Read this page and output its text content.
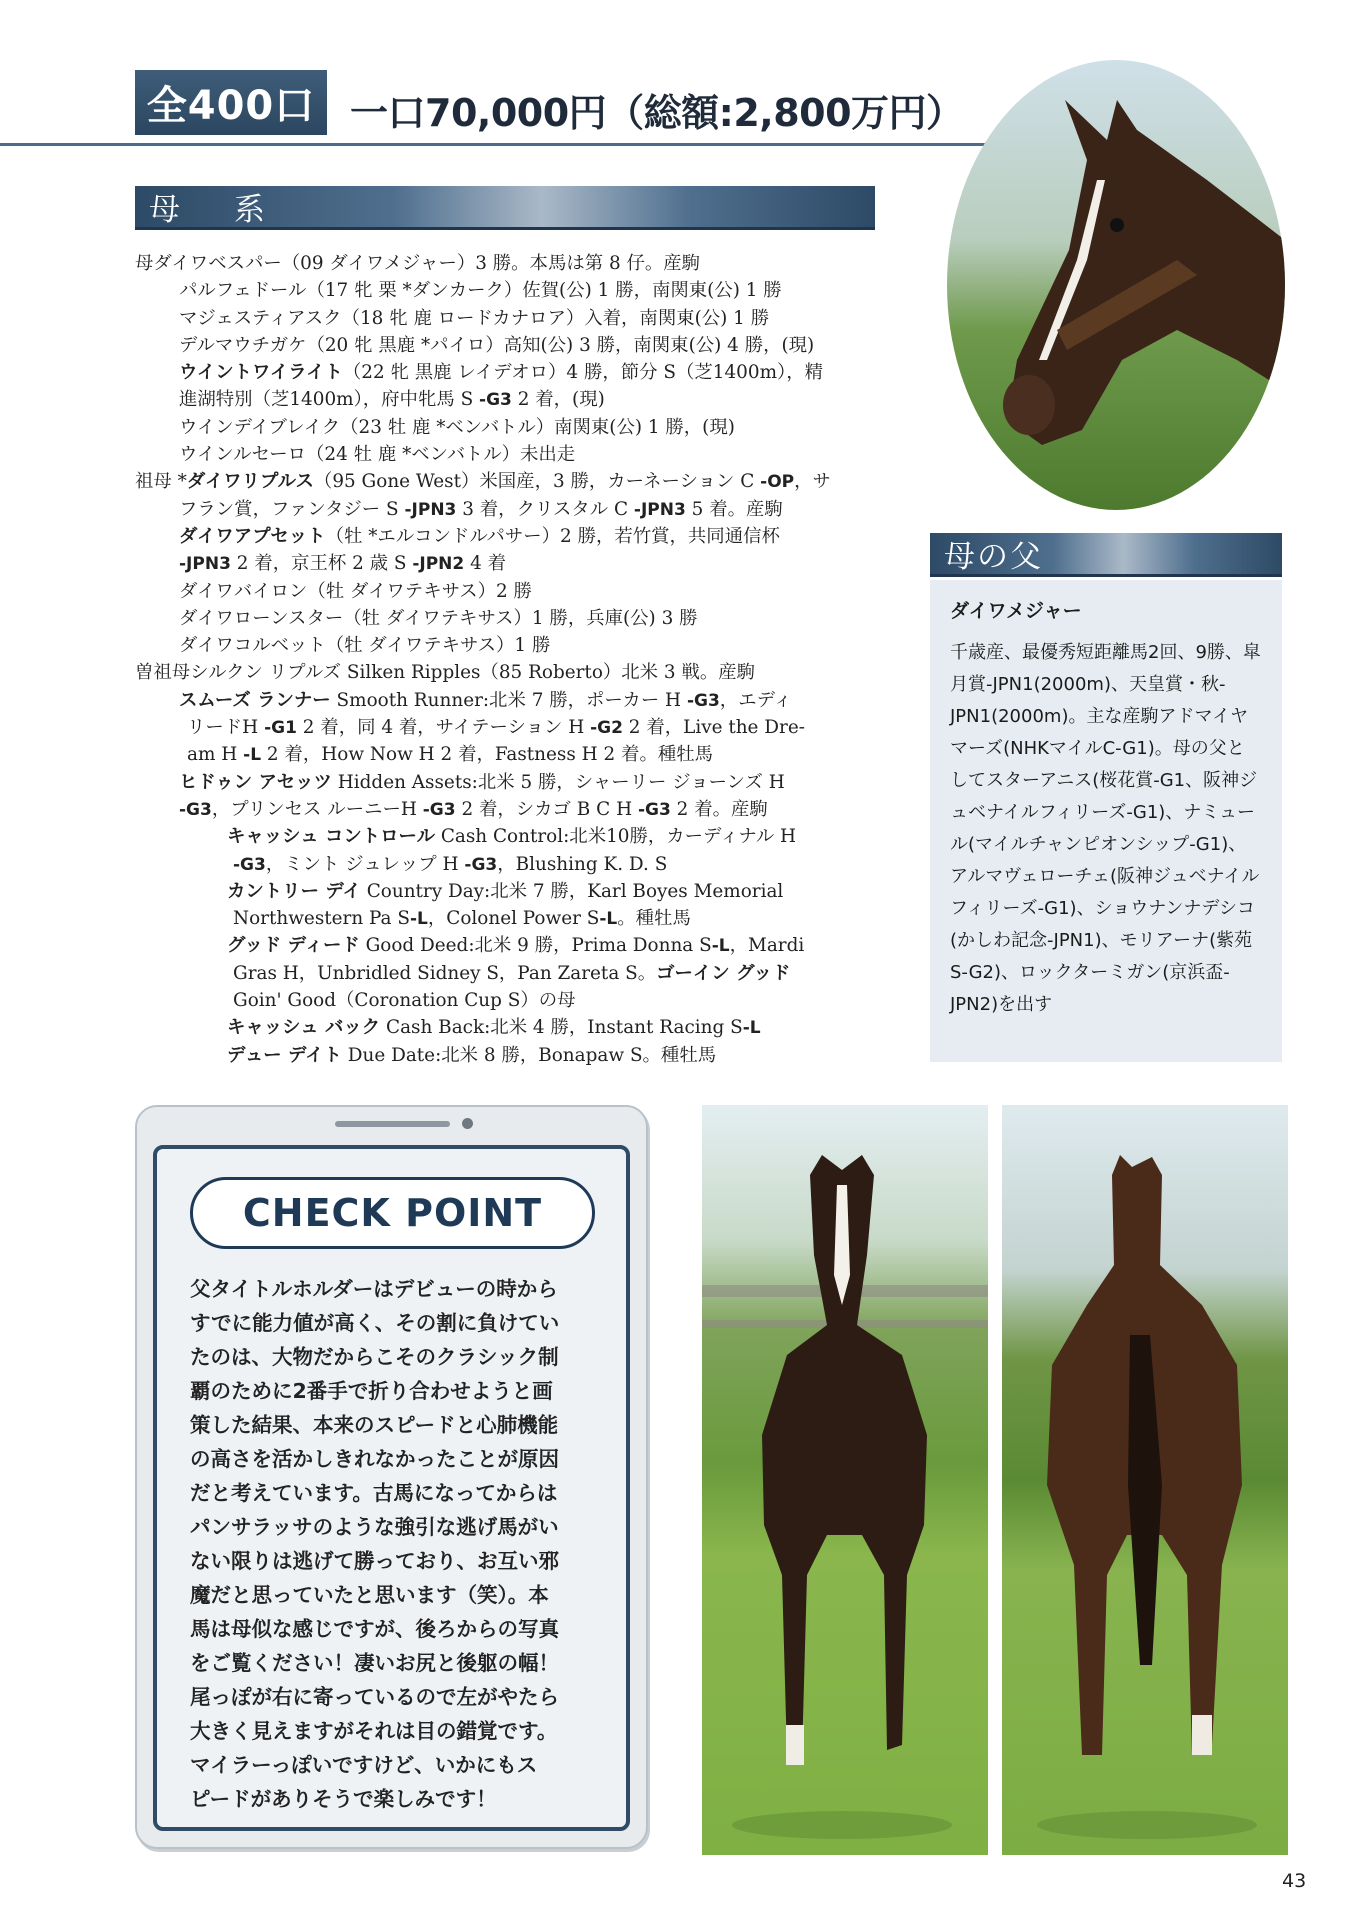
全400口 一口70,000円（総額:2,800万円）
母 系
母ダイワベスパー（09 ダイワメジャー）3 勝。本馬は第 8 仔。産駒
パルフェドール（17 牝 栗 *ダンカーク）佐賀(公) 1 勝，南関東(公) 1 勝
マジェスティアスク（18 牝 鹿 ロードカナロア）入着，南関東(公) 1 勝
デルマウチガケ（20 牝 黒鹿 *パイロ）高知(公) 3 勝，南関東(公) 4 勝，(現)
ウイントワイライト（22 牝 黒鹿 レイデオロ）4 勝，節分 S（芝1400m），精
進湖特別（芝1400m），府中牝馬 S -G3 2 着，(現)
ウインデイブレイク（23 牡 鹿 *ベンバトル）南関東(公) 1 勝，(現)
ウインルセーロ（24 牡 鹿 *ベンバトル）未出走
祖母 *ダイワリプルス（95 Gone West）米国産，3 勝，カーネーション C -OP，サ
フラン賞，ファンタジー S -JPN3 3 着，クリスタル C -JPN3 5 着。産駒
ダイワアプセット（牡 *エルコンドルパサー）2 勝，若竹賞，共同通信杯
-JPN3 2 着，京王杯 2 歳 S -JPN2 4 着
ダイワバイロン（牡 ダイワテキサス）2 勝
ダイワローンスター（牡 ダイワテキサス）1 勝，兵庫(公) 3 勝
ダイワコルベット（牡 ダイワテキサス）1 勝
曽祖母シルクン リプルズ Silken Ripples（85 Roberto）北米 3 戦。産駒
スムーズ ランナー Smooth Runner:北米 7 勝，ポーカー H -G3，エディ
リードH -G1 2 着，同 4 着，サイテーション H -G2 2 着，Live the Dre-
am H -L 2 着，How Now H 2 着，Fastness H 2 着。種牡馬
ヒドゥン アセッツ Hidden Assets:北米 5 勝，シャーリー ジョーンズ H
-G3，プリンセス ルーニーH -G3 2 着，シカゴ B C H -G3 2 着。産駒
キャッシュ コントロール Cash Control:北米10勝，カーディナル H
-G3，ミント ジュレップ H -G3，Blushing K. D. S
カントリー デイ Country Day:北米 7 勝，Karl Boyes Memorial
Northwestern Pa S-L，Colonel Power S-L。種牡馬
グッド ディード Good Deed:北米 9 勝，Prima Donna S-L，Mardi
Gras H，Unbridled Sidney S，Pan Zareta S。ゴーイン グッド
Goin' Good（Coronation Cup S）の母
キャッシュ バック Cash Back:北米 4 勝，Instant Racing S-L
デュー デイト Due Date:北米 8 勝，Bonapaw S。種牡馬
母の父
ダイワメジャー
千歳産、最優秀短距離馬2回、9勝、皐月賞-JPN1(2000m)、天皇賞・秋-JPN1(2000m)。主な産駒アドマイヤマーズ(NHKマイルC-G1)。母の父としてスターアニス(桜花賞-G1、阪神ジュベナイルフィリーズ-G1)、ナミュール(マイルチャンピオンシップ-G1)、アルマヴェローチェ(阪神ジュベナイルフィリーズ-G1)、ショウナンナデシコ(かしわ記念-JPN1)、モリアーナ(紫苑S-G2)、ロックターミガン(京浜盃-JPN2)を出す
CHECK POINT
父タイトルホルダーはデビューの時から
すでに能力値が高く、その割に負けてい
たのは、大物だからこそのクラシック制
覇のために2番手で折り合わせようと画
策した結果、本来のスピードと心肺機能
の高さを活かしきれなかったことが原因
だと考えています。古馬になってからは
パンサラッサのような強引な逃げ馬がい
ない限りは逃げて勝っており、お互い邪
魔だと思っていたと思います（笑）。本
馬は母似な感じですが、後ろからの写真
をご覧ください！凄いお尻と後躯の幅！
尾っぽが右に寄っているので左がやたら
大きく見えますがそれは目の錯覚です。
マイラーっぽいですけど、いかにもス
ピードがありそうで楽しみです！
43
